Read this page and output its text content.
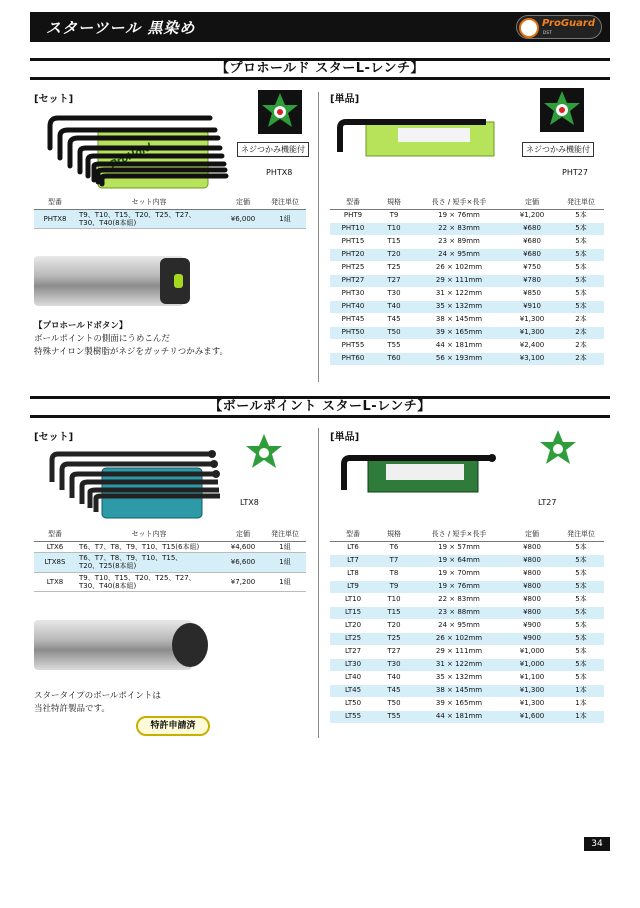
スターツール 黒染め	ProGuard
DST
【プロホールド スターL-レンチ】
[セット]
ProHold	ネジつかみ機能付
PHTX8
型番	セット内容	定価	発注単位
PHTX8	T9、T10、T15、T20、T25、T27、
T30、T40(8本組)	¥6,000	1組
【プロホールドボタン】
ボールポイントの側面にうめこんだ
特殊ナイロン製樹脂がネジをガッチリつかみます。
[単品]
ネジつかみ機能付
PHT27
型番	規格	長さ / 短手×長手	定価	発注単位
PHT9	T9	19 × 76mm	¥1,200	5本
PHT10	T10	22 × 83mm	¥680	5本
PHT15	T15	23 × 89mm	¥680	5本
PHT20	T20	24 × 95mm	¥680	5本
PHT25	T25	26 × 102mm	¥750	5本
PHT27	T27	29 × 111mm	¥780	5本
PHT30	T30	31 × 122mm	¥850	5本
PHT40	T40	35 × 132mm	¥910	5本
PHT45	T45	38 × 145mm	¥1,300	2本
PHT50	T50	39 × 165mm	¥1,300	2本
PHT55	T55	44 × 181mm	¥2,400	2本
PHT60	T60	56 × 193mm	¥3,100	2本
【ボールポイント スターL-レンチ】
[セット]
LTX8
型番	セット内容	定価	発注単位
LTX6	T6、T7、T8、T9、T10、T15(6本組)	¥4,600	1組
LTX8S	T6、T7、T8、T9、T10、T15、
T20、T25(8本組)	¥6,600	1組
LTX8	T9、T10、T15、T20、T25、T27、
T30、T40(8本組)	¥7,200	1組
スタータイプのボールポイントは
当社特許製品です。
特許申請済
[単品]
LT27
型番	規格	長さ / 短手×長手	定価	発注単位
LT6	T6	19 × 57mm	¥800	5本
LT7	T7	19 × 64mm	¥800	5本
LT8	T8	19 × 70mm	¥800	5本
LT9	T9	19 × 76mm	¥800	5本
LT10	T10	22 × 83mm	¥800	5本
LT15	T15	23 × 88mm	¥800	5本
LT20	T20	24 × 95mm	¥900	5本
LT25	T25	26 × 102mm	¥900	5本
LT27	T27	29 × 111mm	¥1,000	5本
LT30	T30	31 × 122mm	¥1,000	5本
LT40	T40	35 × 132mm	¥1,100	5本
LT45	T45	38 × 145mm	¥1,300	1本
LT50	T50	39 × 165mm	¥1,300	1本
LT55	T55	44 × 181mm	¥1,600	1本
34
